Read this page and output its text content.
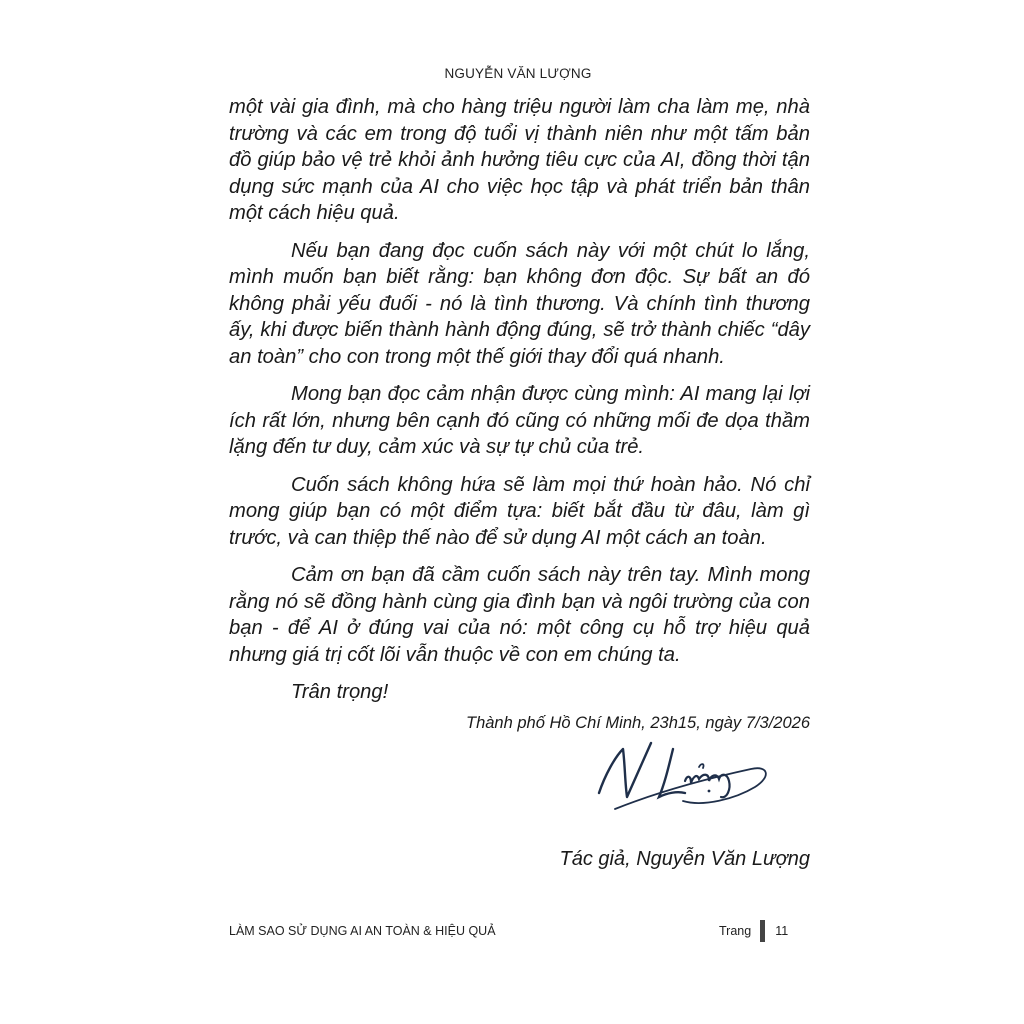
NGUYỄN VĂN LƯỢNG

một vài gia đình, mà cho hàng triệu người làm cha làm mẹ, nhà trường và các em trong độ tuổi vị thành niên như một tấm bản đồ giúp bảo vệ trẻ khỏi ảnh hưởng tiêu cực của AI, đồng thời tận dụng sức mạnh của AI cho việc học tập và phát triển bản thân một cách hiệu quả.

Nếu bạn đang đọc cuốn sách này với một chút lo lắng, mình muốn bạn biết rằng: bạn không đơn độc. Sự bất an đó không phải yếu đuối - nó là tình thương. Và chính tình thương ấy, khi được biến thành hành động đúng, sẽ trở thành chiếc “dây an toàn” cho con trong một thế giới thay đổi quá nhanh.

Mong bạn đọc cảm nhận được cùng mình: AI mang lại lợi ích rất lớn, nhưng bên cạnh đó cũng có những mối đe dọa thầm lặng đến tư duy, cảm xúc và sự tự chủ của trẻ.

Cuốn sách không hứa sẽ làm mọi thứ hoàn hảo. Nó chỉ mong giúp bạn có một điểm tựa: biết bắt đầu từ đâu, làm gì trước, và can thiệp thế nào để sử dụng AI một cách an toàn.

Cảm ơn bạn đã cầm cuốn sách này trên tay. Mình mong rằng nó sẽ đồng hành cùng gia đình bạn và ngôi trường của con bạn - để AI ở đúng vai của nó: một công cụ hỗ trợ hiệu quả nhưng giá trị cốt lõi vẫn thuộc về con em chúng ta.

Trân trọng!

Thành phố Hồ Chí Minh, 23h15, ngày 7/3/2026
Tác giả, Nguyễn Văn Lượng
LÀM SAO SỬ DỤNG AI AN TOÀN & HIỆU QUẢ	Trang 11
